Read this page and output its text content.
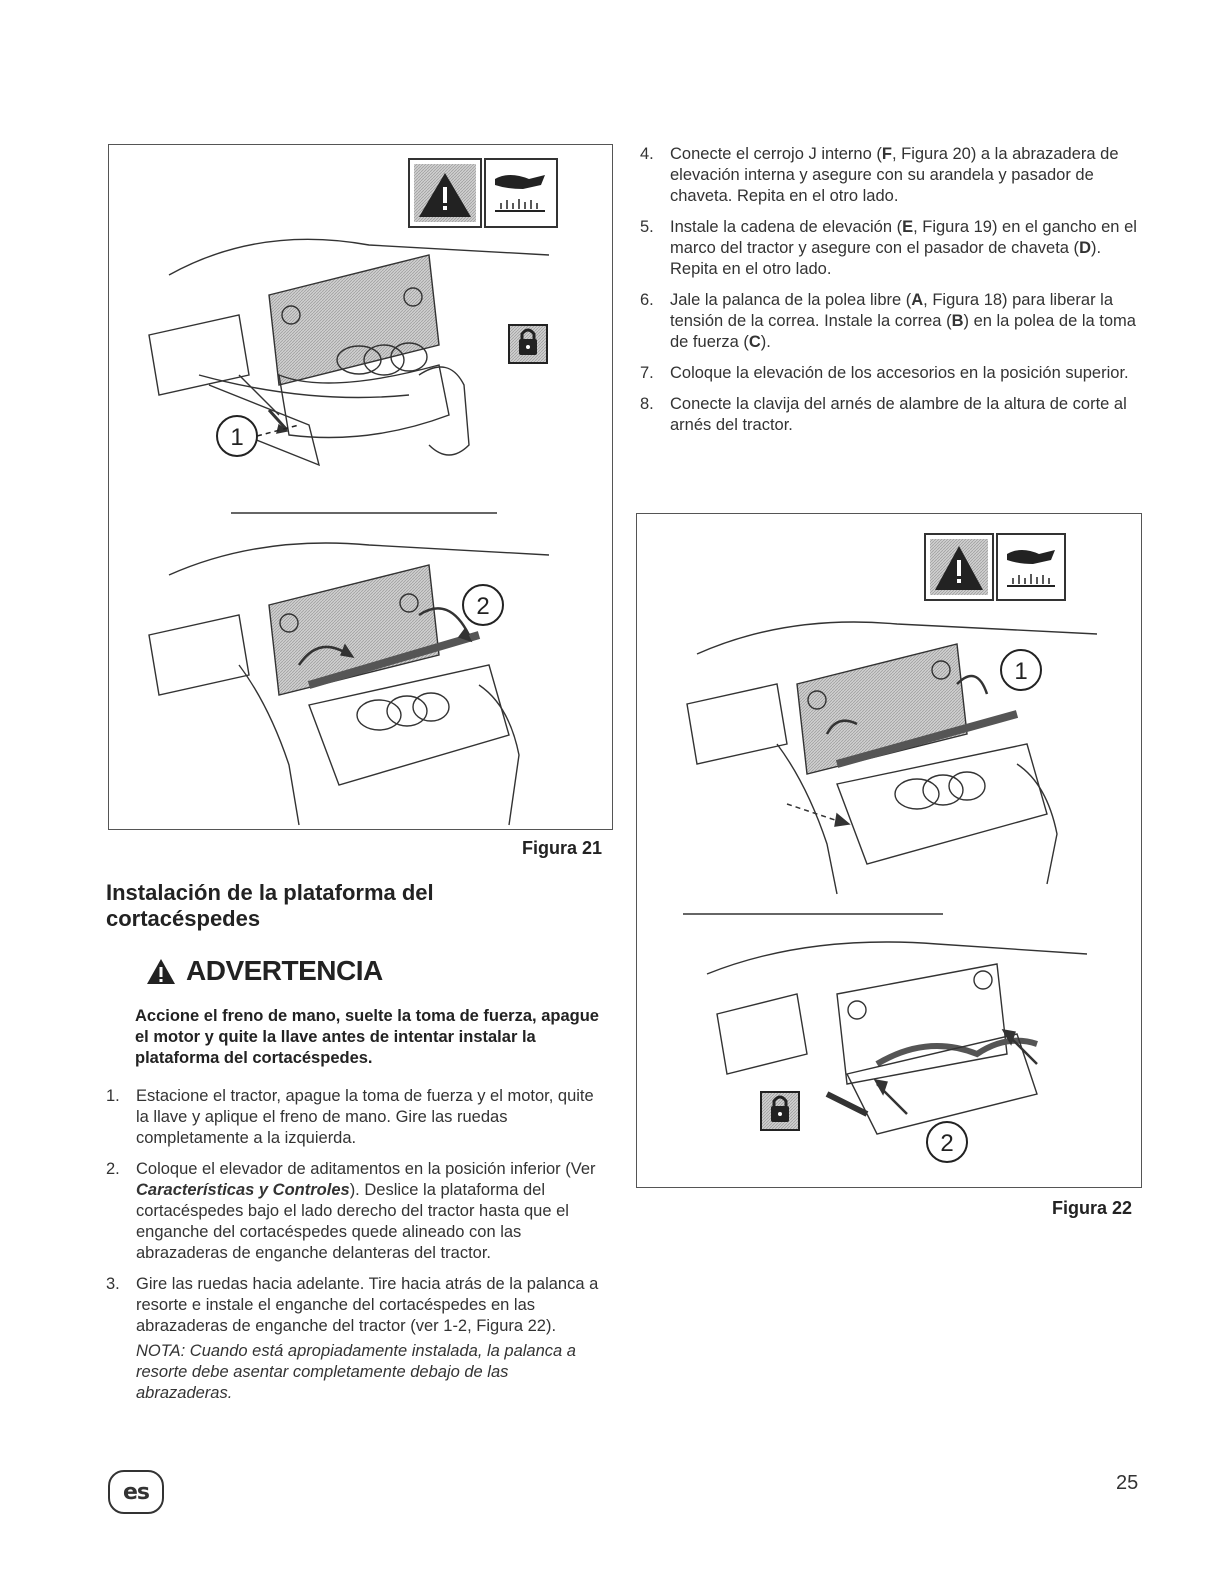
1
2
Figura 21
Instalación de la plataforma del cortacéspedes
ADVERTENCIA
Accione el freno de mano, suelte la toma de fuerza, apague el motor y quite la llave antes de intentar instalar la plataforma del cortacéspedes.
1. Estacione el tractor, apague la toma de fuerza y el motor, quite la llave y aplique el freno de mano. Gire las ruedas completamente a la izquierda.
2. Coloque el elevador de aditamentos en la posición inferior (Ver Características y Controles). Deslice la plataforma del cortacéspedes bajo el lado derecho del tractor hasta que el enganche del cortacéspedes quede alineado con las abrazaderas de enganche delanteras del tractor.
3. Gire las ruedas hacia adelante. Tire hacia atrás de la palanca a resorte e instale el enganche del cortacéspedes en las abrazaderas de enganche del tractor (ver 1-2, Figura 22).
NOTA: Cuando está apropiadamente instalada, la palanca a resorte debe asentar completamente debajo de las abrazaderas.
4. Conecte el cerrojo J interno (F, Figura 20) a la abrazadera de elevación interna y asegure con su arandela y pasador de chaveta. Repita en el otro lado.
5. Instale la cadena de elevación (E, Figura 19) en el gancho en el marco del tractor y asegure con el pasador de chaveta (D). Repita en el otro lado.
6. Jale la palanca de la polea libre (A, Figura 18) para liberar la tensión de la correa. Instale la correa (B) en la polea de la toma de fuerza (C).
7. Coloque la elevación de los accesorios en la posición superior.
8. Conecte la clavija del arnés de alambre de la altura de corte al arnés del tractor.
1
2
Figura 22
es	25
